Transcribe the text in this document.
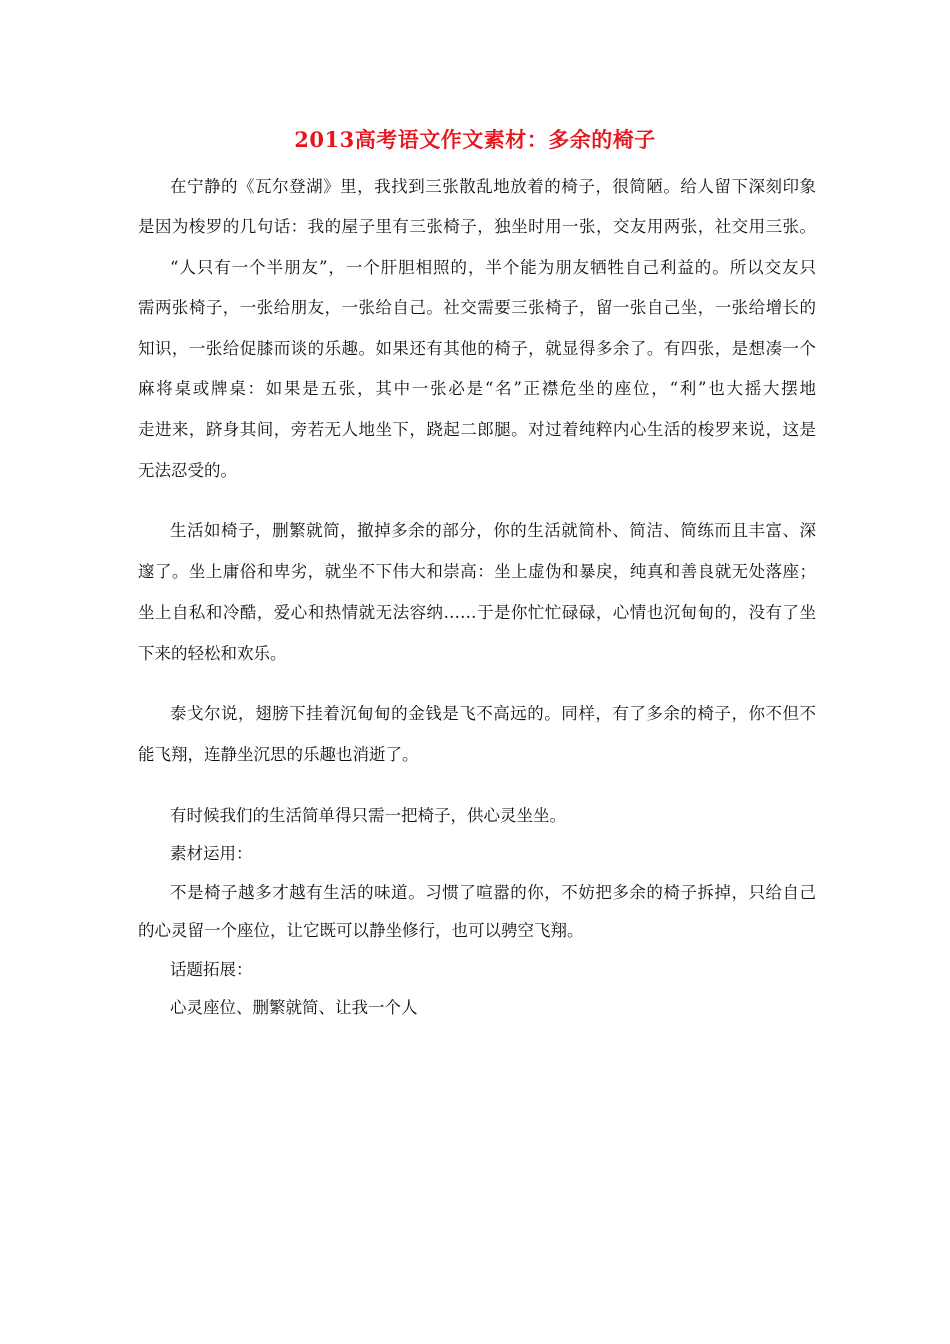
2013高考语文作文素材：多余的椅子
在宁静的《瓦尔登湖》里，我找到三张散乱地放着的椅子，很简陋。给人留下深刻印象
是因为梭罗的几句话：我的屋子里有三张椅子，独坐时用一张，交友用两张，社交用三张。
“人只有一个半朋友”，一个肝胆相照的，半个能为朋友牺牲自己利益的。所以交友只
需两张椅子，一张给朋友，一张给自己。社交需要三张椅子，留一张自己坐，一张给增长的
知识，一张给促膝而谈的乐趣。如果还有其他的椅子，就显得多余了。有四张，是想凑一个
麻将桌或牌桌：如果是五张，其中一张必是“名”正襟危坐的座位，“利”也大摇大摆地
走进来，跻身其间，旁若无人地坐下，跷起二郎腿。对过着纯粹内心生活的梭罗来说，这是
无法忍受的。
生活如椅子，删繁就简，撤掉多余的部分，你的生活就简朴、简洁、简练而且丰富、深
邃了。坐上庸俗和卑劣，就坐不下伟大和崇高：坐上虚伪和暴戾，纯真和善良就无处落座；
坐上自私和冷酷，爱心和热情就无法容纳……于是你忙忙碌碌，心情也沉甸甸的，没有了坐
下来的轻松和欢乐。
泰戈尔说，翅膀下挂着沉甸甸的金钱是飞不高远的。同样，有了多余的椅子，你不但不
能飞翔，连静坐沉思的乐趣也消逝了。
有时候我们的生活简单得只需一把椅子，供心灵坐坐。
素材运用：
不是椅子越多才越有生活的味道。习惯了喧嚣的你，不妨把多余的椅子拆掉，只给自己
的心灵留一个座位，让它既可以静坐修行，也可以骋空飞翔。
话题拓展：
心灵座位、删繁就简、让我一个人
